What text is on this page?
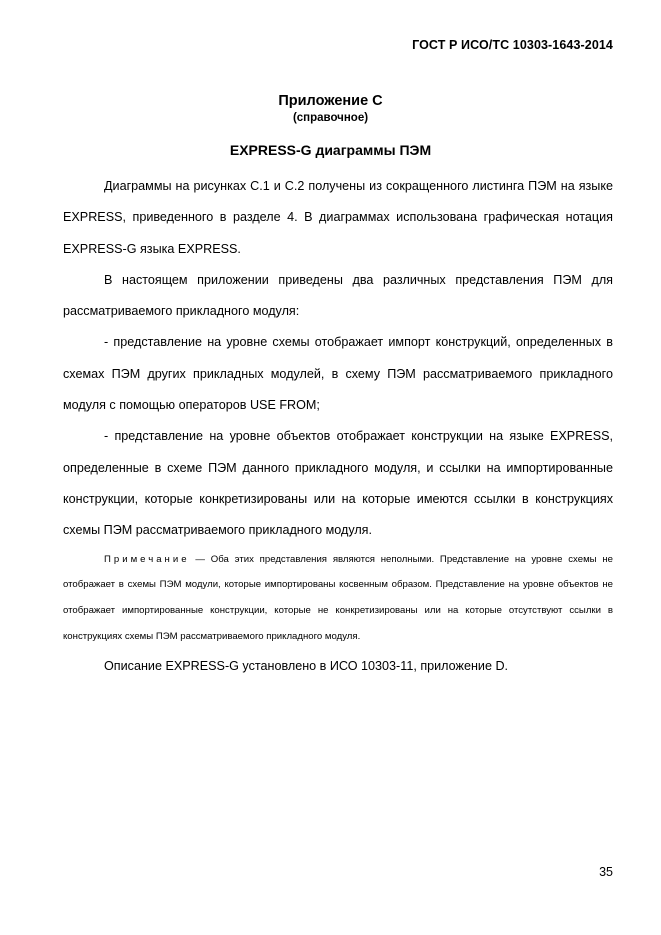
ГОСТ Р ИСО/ТС 10303-1643-2014
Приложение С
(справочное)
EXPRESS-G диаграммы ПЭМ

Диаграммы на рисунках С.1 и С.2 получены из сокращенного листинга ПЭМ на языке EXPRESS, приведенного в разделе 4. В диаграммах использована графическая нотация EXPRESS-G языка EXPRESS.

В настоящем приложении приведены два различных представления ПЭМ для рассматриваемого прикладного модуля:

- представление на уровне схемы отображает импорт конструкций, определенных в схемах ПЭМ других прикладных модулей, в схему ПЭМ рассматриваемого прикладного модуля с помощью операторов USE FROM;

- представление на уровне объектов отображает конструкции на языке EXPRESS, определенные в схеме ПЭМ данного прикладного модуля, и ссылки на импортированные конструкции, которые конкретизированы или на которые имеются ссылки в конструкциях схемы ПЭМ рассматриваемого прикладного модуля.

Примечание — Оба этих представления являются неполными. Представление на уровне схемы не отображает в схемы ПЭМ модули, которые импортированы косвенным образом. Представление на уровне объектов не отображает импортированные конструкции, которые не конкретизированы или на которые отсутствуют ссылки в конструкциях схемы ПЭМ рассматриваемого прикладного модуля.

Описание EXPRESS-G установлено в ИСО 10303-11, приложение D.

35
